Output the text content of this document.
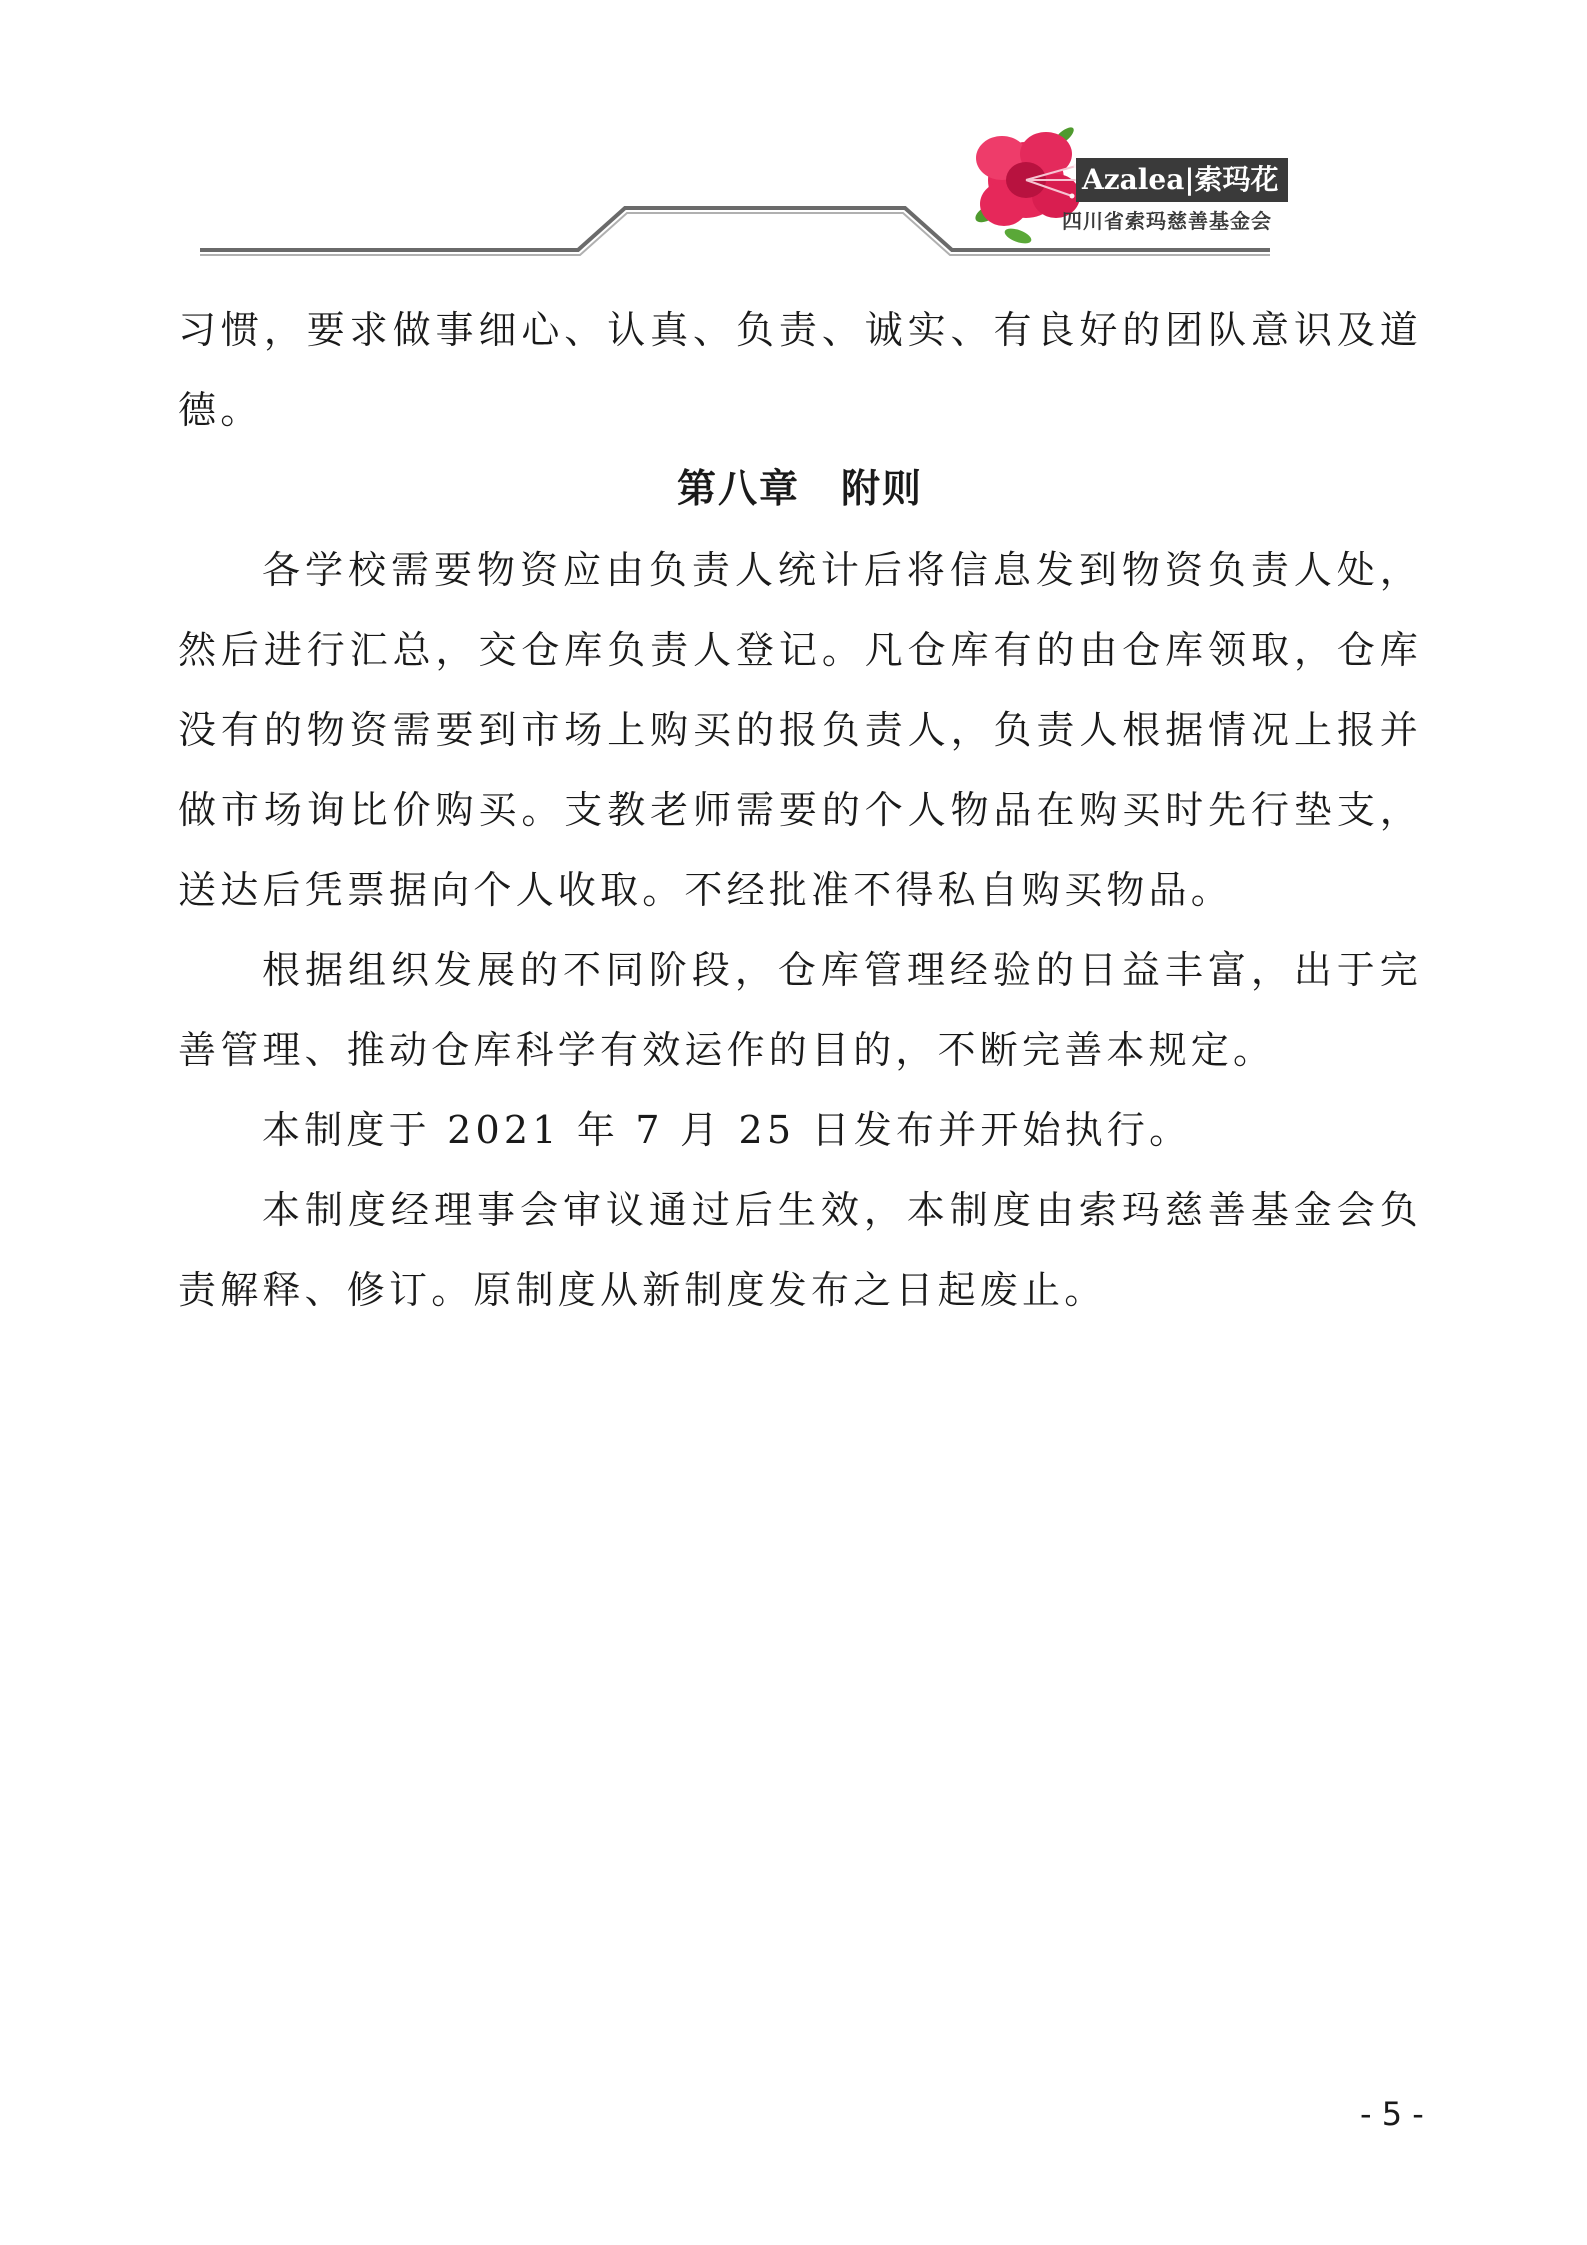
Azalea|索玛花
四川省索玛慈善基金会

习惯，要求做事细心、认真、负责、诚实、有良好的团队意识及道德。

第八章　附则

各学校需要物资应由负责人统计后将信息发到物资负责人处，然后进行汇总，交仓库负责人登记。凡仓库有的由仓库领取，仓库没有的物资需要到市场上购买的报负责人，负责人根据情况上报并做市场询比价购买。支教老师需要的个人物品在购买时先行垫支，送达后凭票据向个人收取。不经批准不得私自购买物品。

根据组织发展的不同阶段，仓库管理经验的日益丰富，出于完善管理、推动仓库科学有效运作的目的，不断完善本规定。

本制度于 2021 年 7 月 25 日发布并开始执行。

本制度经理事会审议通过后生效，本制度由索玛慈善基金会负责解释、修订。原制度从新制度发布之日起废止。

- 5 -
